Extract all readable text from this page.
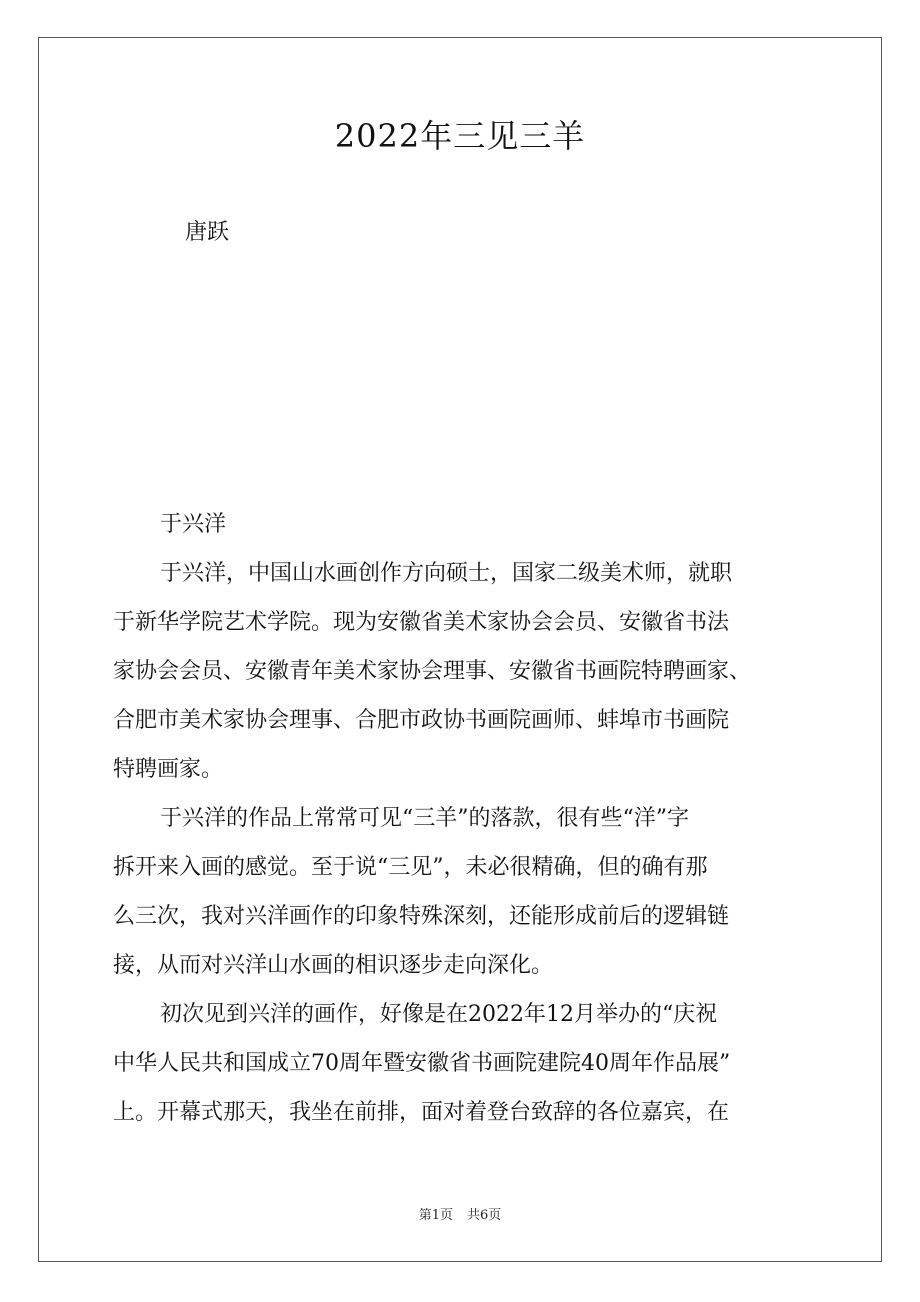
2022年三见三羊
唐跃
于兴洋
于兴洋，中国山水画创作方向硕士，国家二级美术师，就职
于新华学院艺术学院。现为安徽省美术家协会会员、安徽省书法
家协会会员、安徽青年美术家协会理事、安徽省书画院特聘画家、
合肥市美术家协会理事、合肥市政协书画院画师、蚌埠市书画院
特聘画家。
于兴洋的作品上常常可见“三羊”的落款，很有些“洋”字
拆开来入画的感觉。至于说“三见”，未必很精确，但的确有那
么三次，我对兴洋画作的印象特殊深刻，还能形成前后的逻辑链
接，从而对兴洋山水画的相识逐步走向深化。
初次见到兴洋的画作，好像是在2022年12月举办的“庆祝
中华人民共和国成立70周年暨安徽省书画院建院40周年作品展”
上。开幕式那天，我坐在前排，面对着登台致辞的各位嘉宾，在
第1页 共6页
